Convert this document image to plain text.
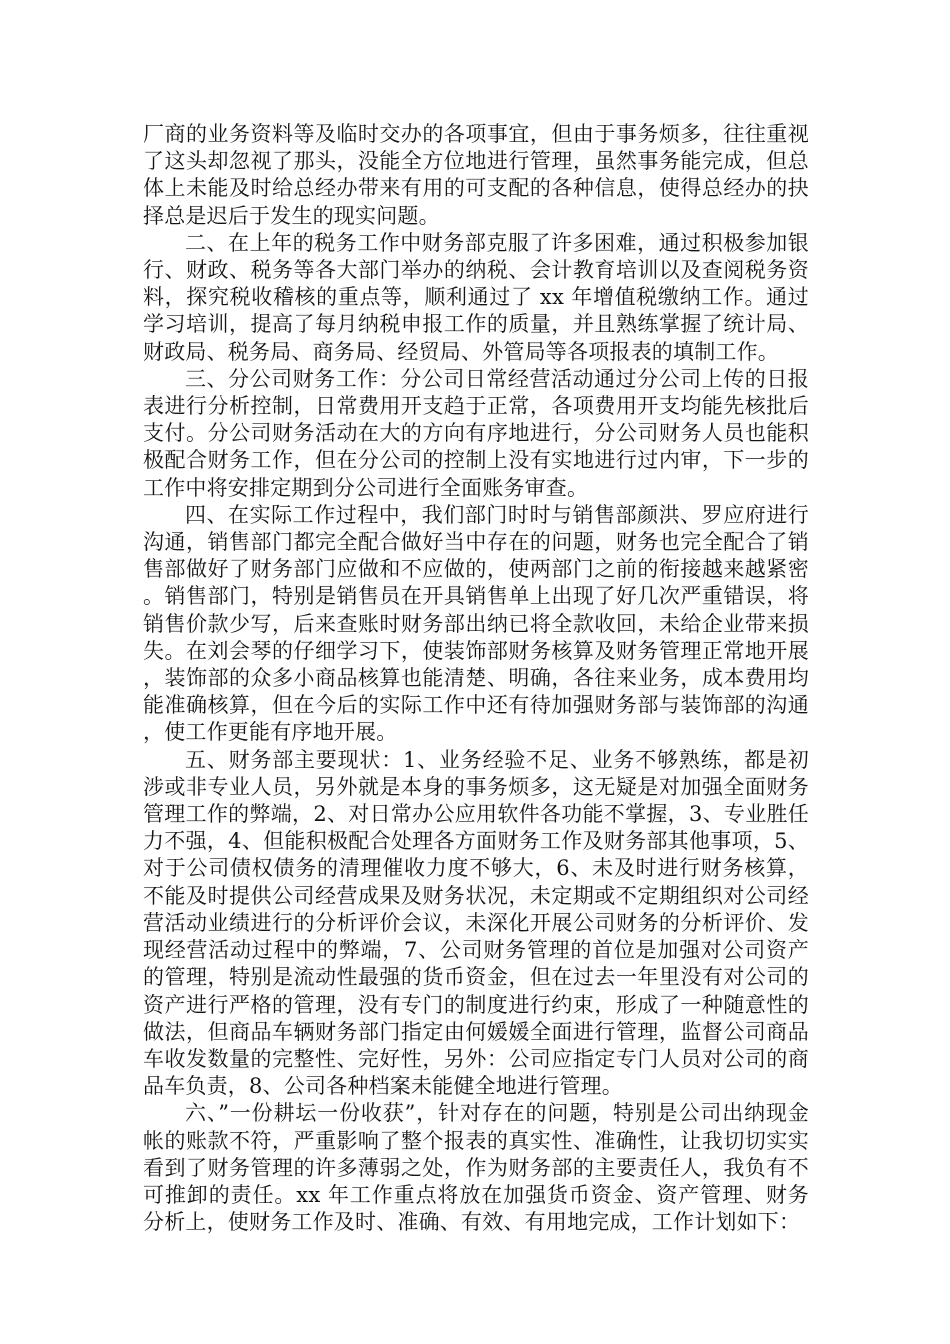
厂商的业务资料等及临时交办的各项事宜，但由于事务烦多，往往重视了这头却忽视了那头，没能全方位地进行管理，虽然事务能完成，但总体上未能及时给总经办带来有用的可支配的各种信息，使得总经办的抉择总是迟后于发生的现实问题。

二、在上年的税务工作中财务部克服了许多困难，通过积极参加银行、财政、税务等各大部门举办的纳税、会计教育培训以及查阅税务资料，探究税收稽核的重点等，顺利通过了 xx 年增值税缴纳工作。通过学习培训，提高了每月纳税申报工作的质量，并且熟练掌握了统计局、财政局、税务局、商务局、经贸局、外管局等各项报表的填制工作。

三、分公司财务工作：分公司日常经营活动通过分公司上传的日报表进行分析控制，日常费用开支趋于正常，各项费用开支均能先核批后支付。分公司财务活动在大的方向有序地进行，分公司财务人员也能积极配合财务工作，但在分公司的控制上没有实地进行过内审，下一步的工作中将安排定期到分公司进行全面账务审查。

四、在实际工作过程中，我们部门时时与销售部颜洪、罗应府进行沟通，销售部门都完全配合做好当中存在的问题，财务也完全配合了销售部做好了财务部门应做和不应做的，使两部门之前的衔接越来越紧密。销售部门，特别是销售员在开具销售单上出现了好几次严重错误，将销售价款少写，后来查账时财务部出纳已将全款收回，未给企业带来损失。在刘会琴的仔细学习下，使装饰部财务核算及财务管理正常地开展，装饰部的众多小商品核算也能清楚、明确，各往来业务，成本费用均能准确核算，但在今后的实际工作中还有待加强财务部与装饰部的沟通，使工作更能有序地开展。

五、财务部主要现状：1、业务经验不足、业务不够熟练，都是初涉或非专业人员，另外就是本身的事务烦多，这无疑是对加强全面财务管理工作的弊端，2、对日常办公应用软件各功能不掌握，3、专业胜任力不强，4、但能积极配合处理各方面财务工作及财务部其他事项，5、对于公司债权债务的清理催收力度不够大，6、未及时进行财务核算，不能及时提供公司经营成果及财务状况，未定期或不定期组织对公司经营活动业绩进行的分析评价会议，未深化开展公司财务的分析评价、发现经营活动过程中的弊端，7、公司财务管理的首位是加强对公司资产的管理，特别是流动性最强的货币资金，但在过去一年里没有对公司的资产进行严格的管理，没有专门的制度进行约束，形成了一种随意性的做法，但商品车辆财务部门指定由何媛媛全面进行管理，监督公司商品车收发数量的完整性、完好性，另外：公司应指定专门人员对公司的商品车负责，8、公司各种档案未能健全地进行管理。

六、”一份耕坛一份收获”，针对存在的问题，特别是公司出纳现金帐的账款不符，严重影响了整个报表的真实性、准确性，让我切切实实看到了财务管理的许多薄弱之处，作为财务部的主要责任人，我负有不可推卸的责任。xx 年工作重点将放在加强货币资金、资产管理、财务分析上，使财务工作及时、准确、有效、有用地完成，工作计划如下：
